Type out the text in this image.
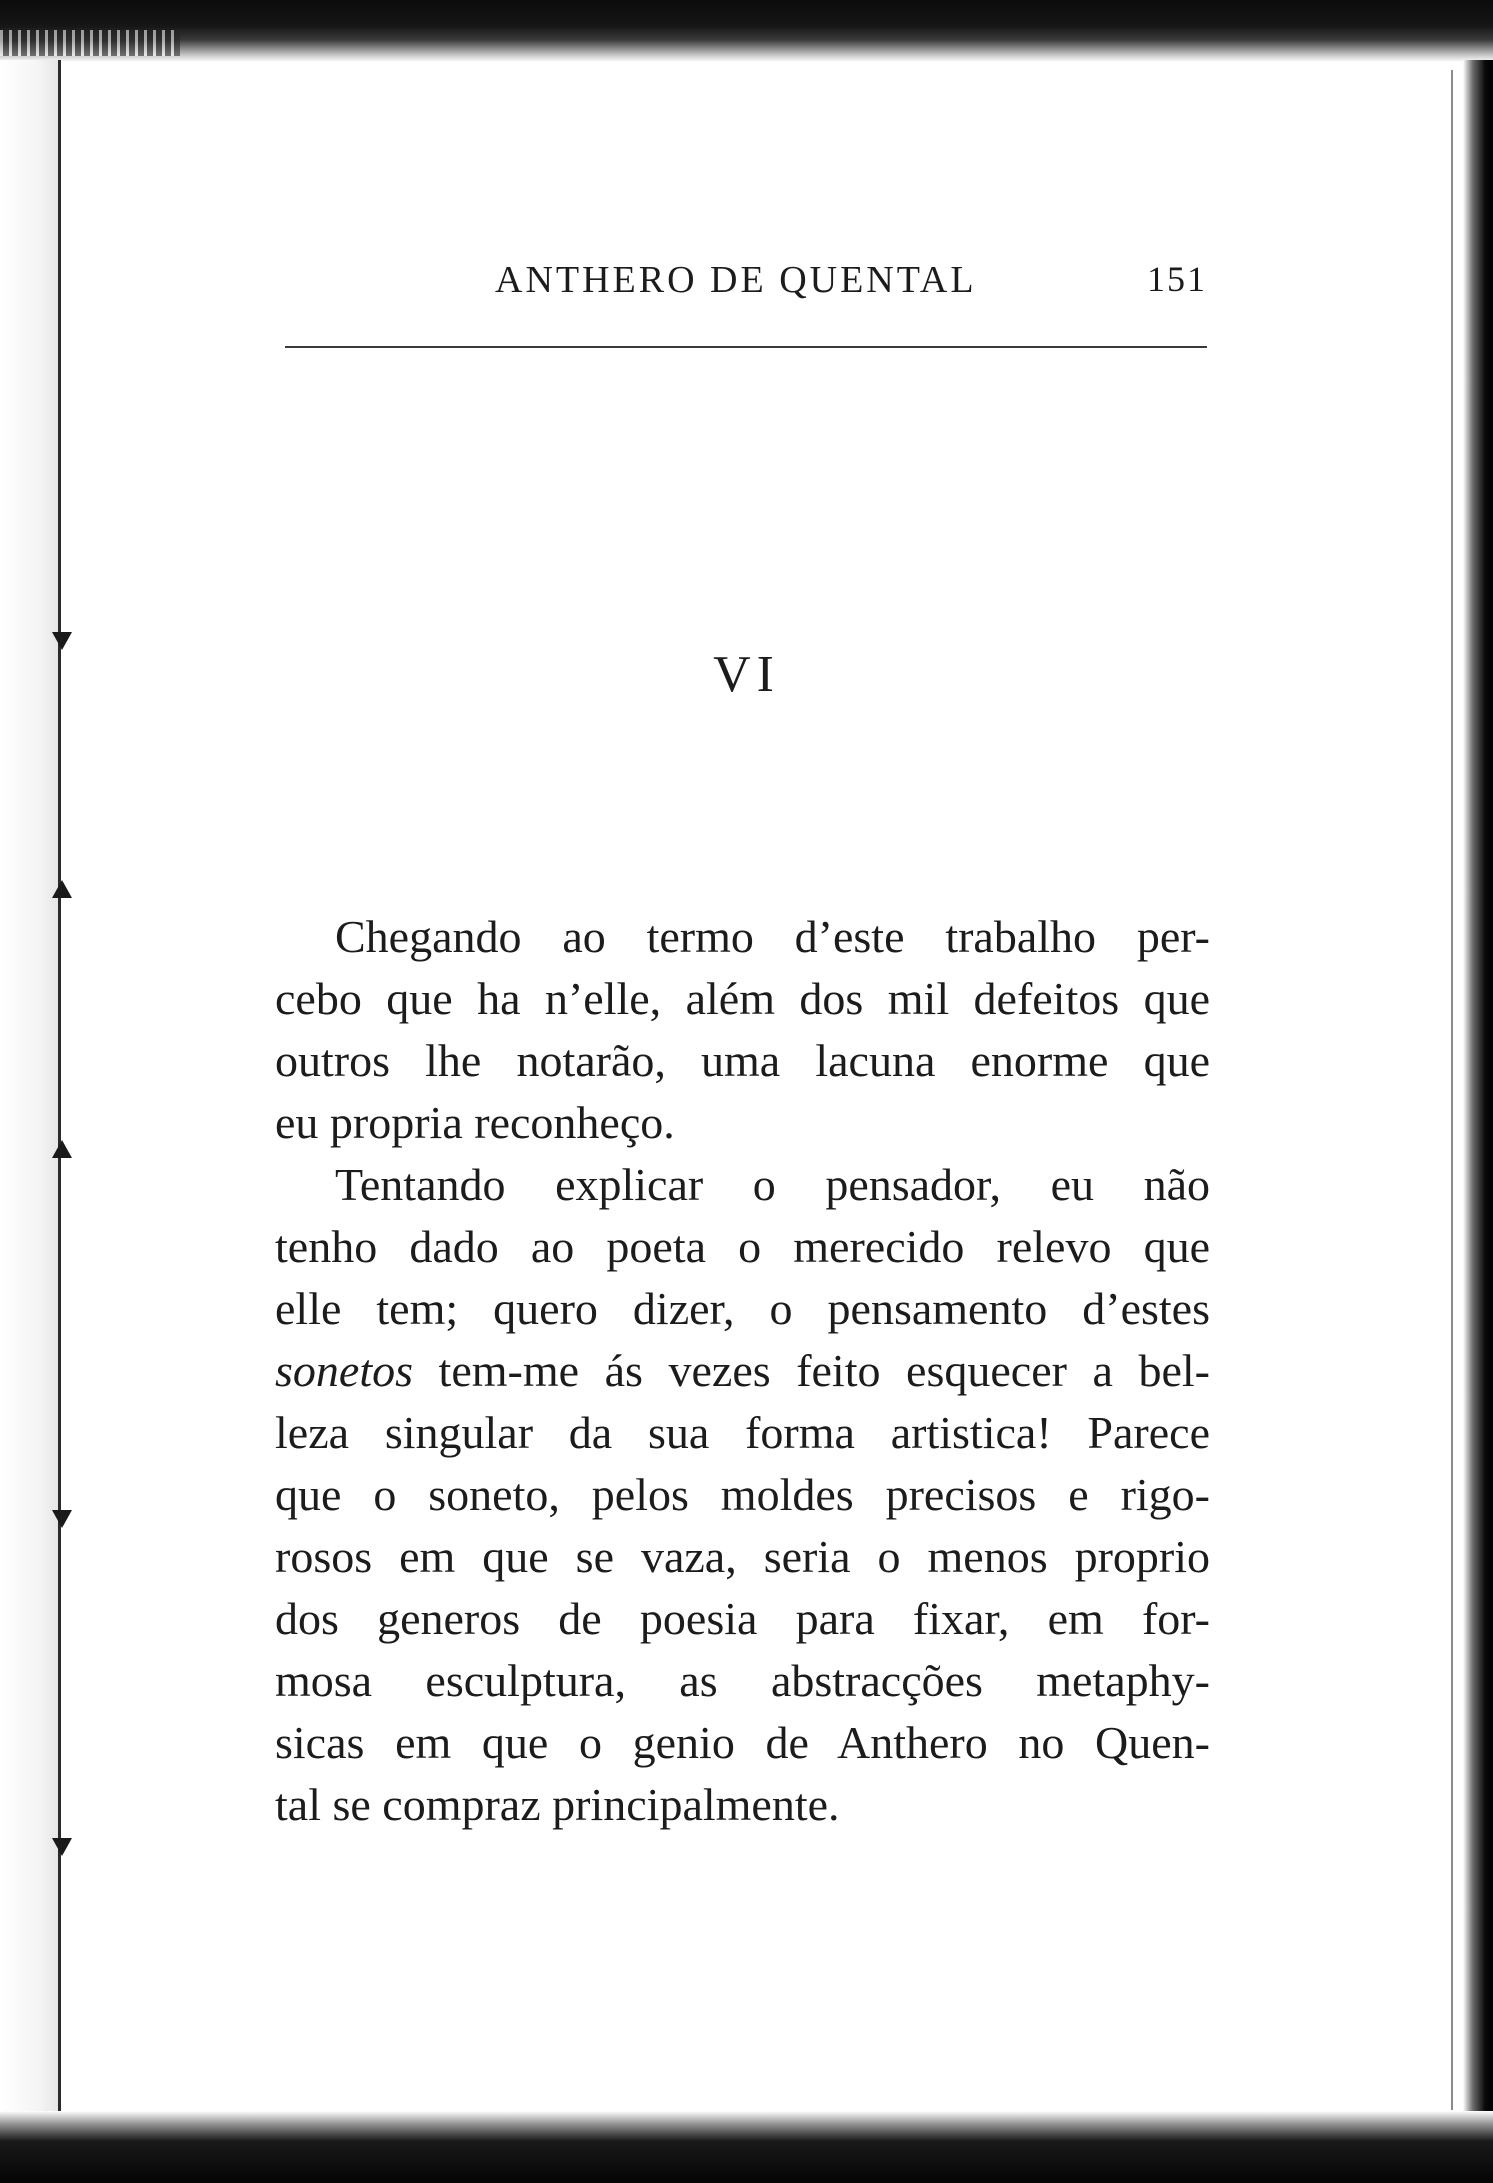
ANTHERO DE QUENTAL	151
VI
Chegando ao termo d’este trabalho per-
cebo que ha n’elle, além dos mil defeitos que
outros lhe notarão, uma lacuna enorme que
eu propria reconheço.
Tentando explicar o pensador, eu não
tenho dado ao poeta o merecido relevo que
elle tem; quero dizer, o pensamento d’estes
sonetos tem-me ás vezes feito esquecer a bel-
leza singular da sua forma artistica! Parece
que o soneto, pelos moldes precisos e rigo-
rosos em que se vaza, seria o menos proprio
dos generos de poesia para fixar, em for-
mosa esculptura, as abstracções metaphy-
sicas em que o genio de Anthero no Quen-
tal se compraz principalmente.
